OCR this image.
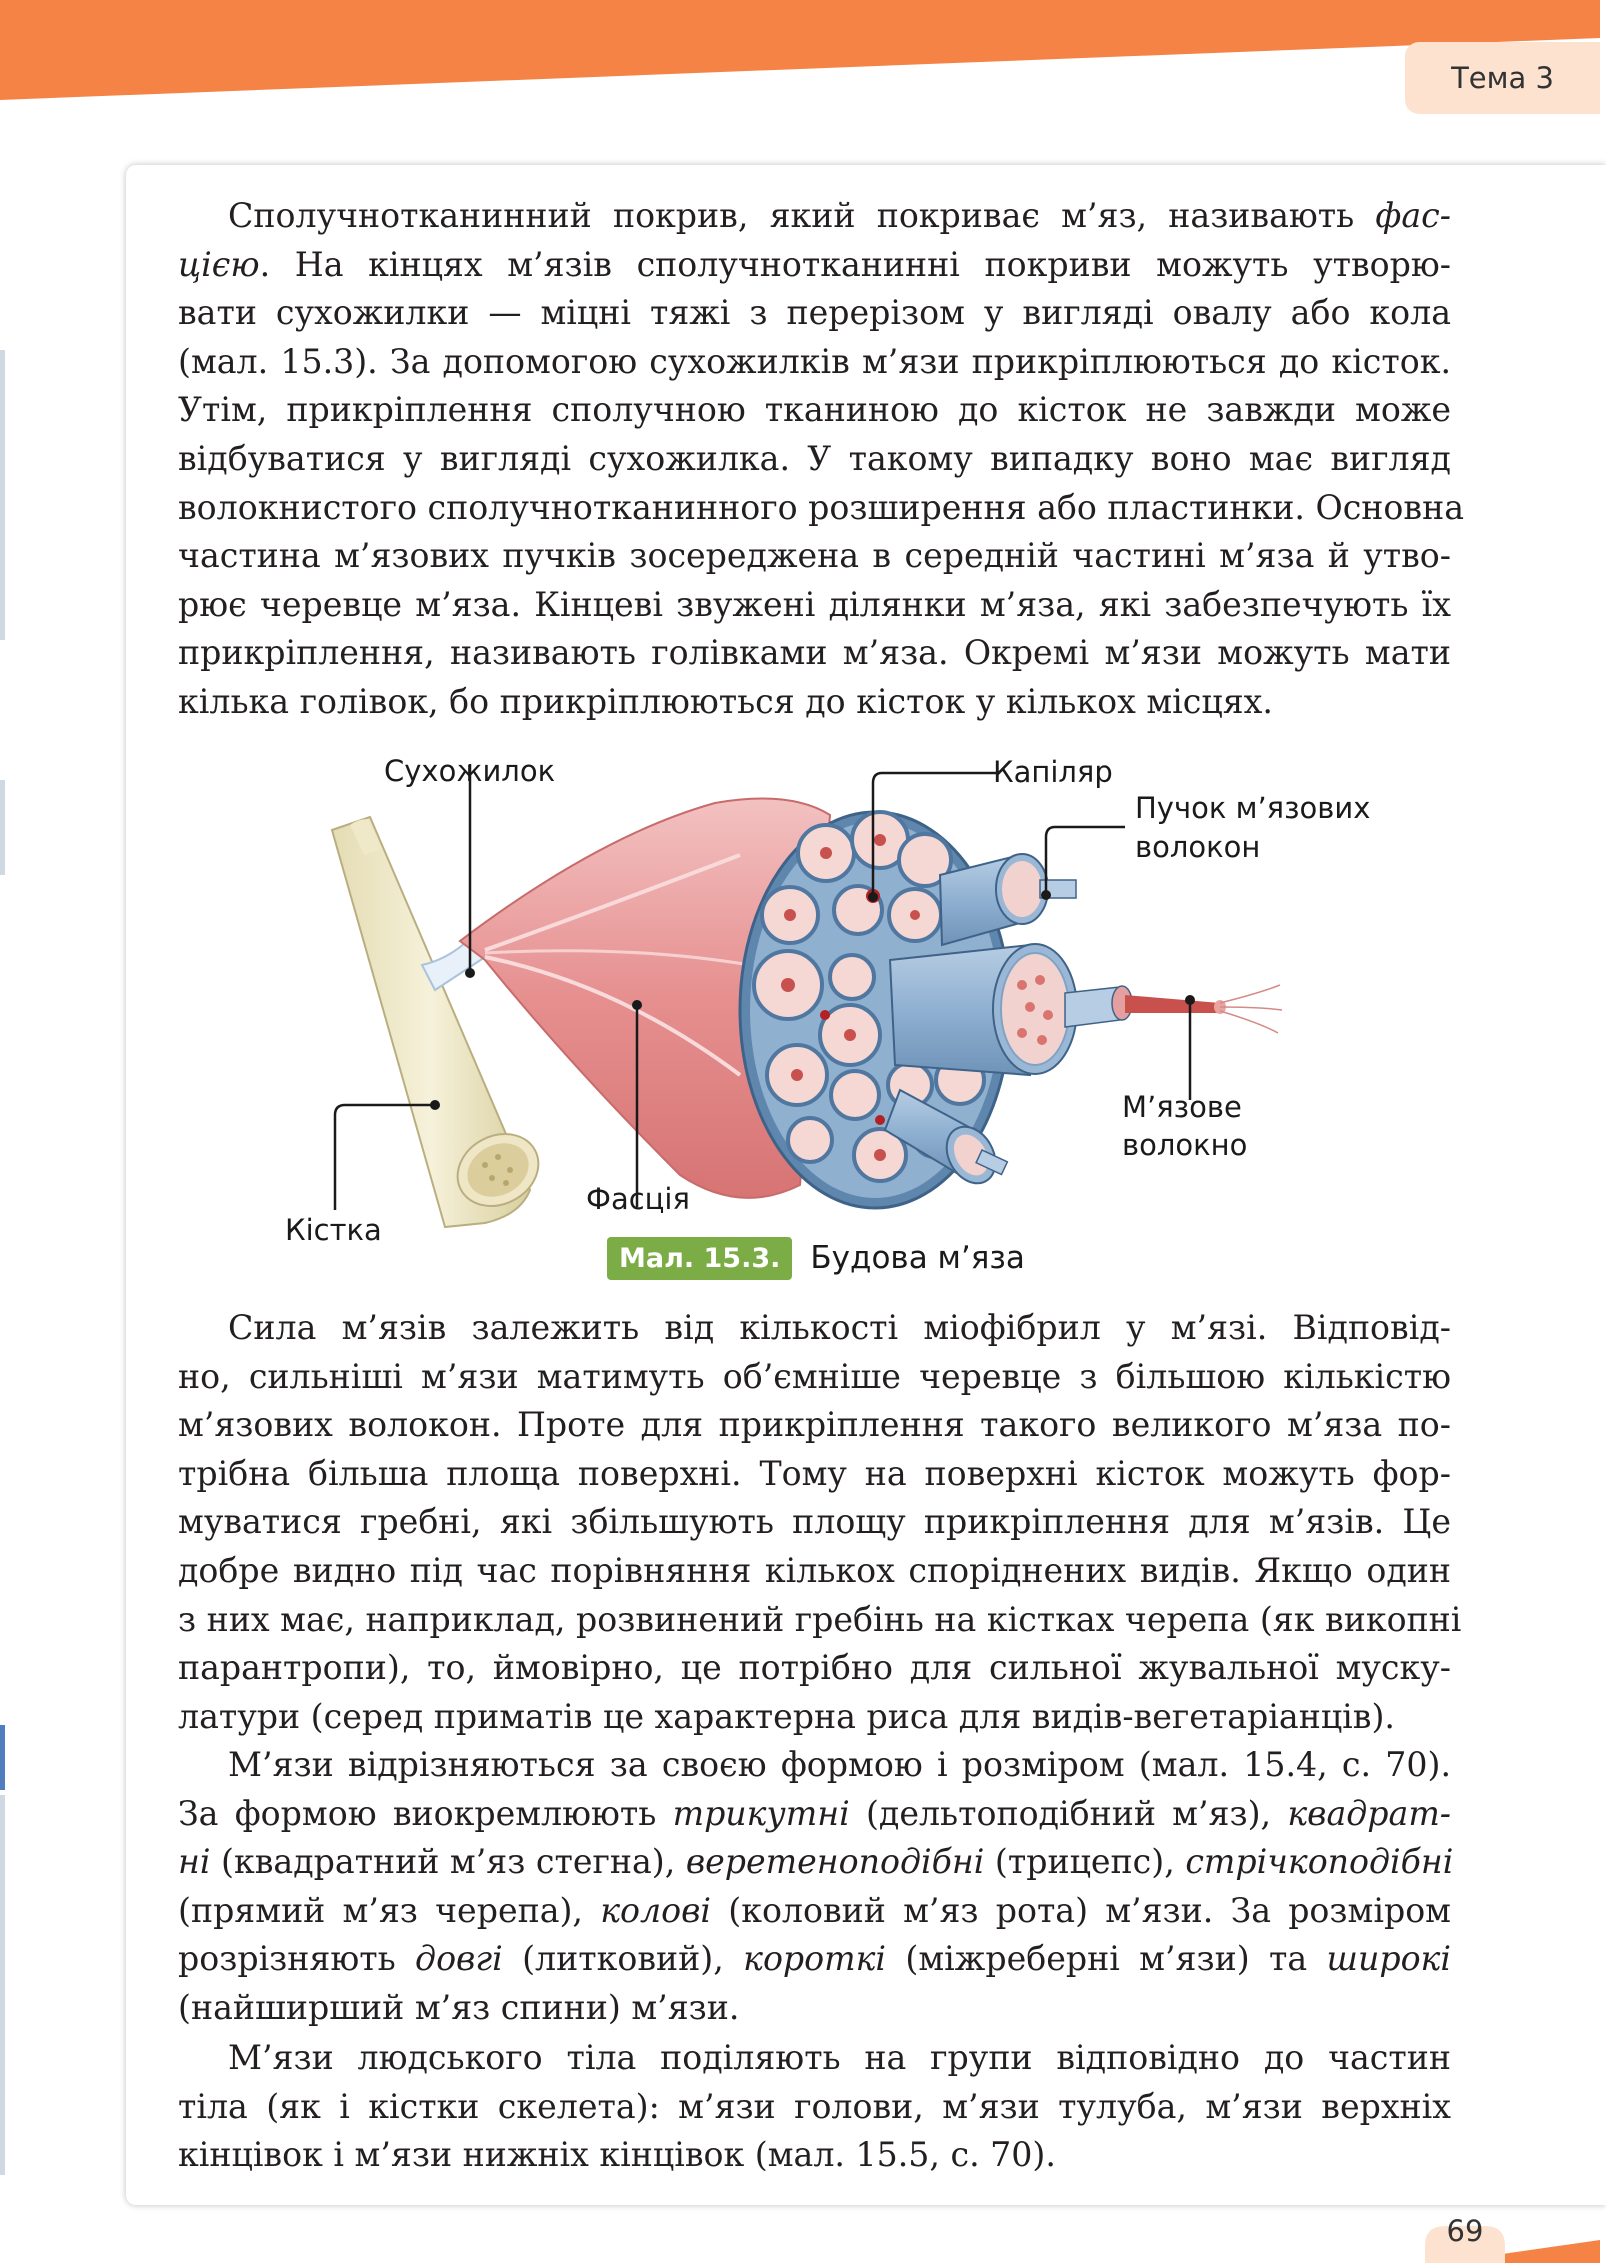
Тема 3
Сполучнотканинний покрив, який покриває м’яз, називають фас-
цією. На кінцях м’язів сполучнотканинні покриви можуть утворю-
вати сухожилки — міцні тяжі з перерізом у вигляді овалу або кола
(мал. 15.3). За допомогою сухожилків м’язи прикріплюються до кісток.
Утім, прикріплення сполучною тканиною до кісток не завжди може
відбуватися у вигляді сухожилка. У такому випадку воно має вигляд
волокнистого сполучнотканинного розширення або пластинки. Основна
частина м’язових пучків зосереджена в середній частині м’яза й утво-
рює черевце м’яза. Кінцеві звужені ділянки м’яза, які забезпечують їх
прикріплення, називають голівками м’яза. Окремі м’язи можуть мати
кілька голівок, бо прикріплюються до кісток у кількох місцях.
Сухожилок	Капіляр
Пучок м’язових
волокон
М’язове
волокно
Фасція
Кістка
Мал. 15.3. Будова м’яза
Сила м’язів залежить від кількості міофібрил у м’язі. Відповід-
но, сильніші м’язи матимуть об’ємніше черевце з більшою кількістю
м’язових волокон. Проте для прикріплення такого великого м’яза по-
трібна більша площа поверхні. Тому на поверхні кісток можуть фор-
муватися гребні, які збільшують площу прикріплення для м’язів. Це
добре видно під час порівняння кількох споріднених видів. Якщо один
з них має, наприклад, розвинений гребінь на кістках черепа (як викопні
парантропи), то, ймовірно, це потрібно для сильної жувальної муску-
латури (серед приматів це характерна риса для видів-вегетаріанців).
М’язи відрізняються за своєю формою і розміром (мал. 15.4, с. 70).
За формою виокремлюють трикутні (дельтоподібний м’яз), квадрат-
ні (квадратний м’яз стегна), веретеноподібні (трицепс), стрічкоподібні
(прямий м’яз черепа), колові (коловий м’яз рота) м’язи. За розміром
розрізняють довгі (литковий), короткі (міжреберні м’язи) та широкі
(найширший м’яз спини) м’язи.
М’язи людського тіла поділяють на групи відповідно до частин
тіла (як і кістки скелета): м’язи голови, м’язи тулуба, м’язи верхніх
кінцівок і м’язи нижніх кінцівок (мал. 15.5, с. 70).
69
